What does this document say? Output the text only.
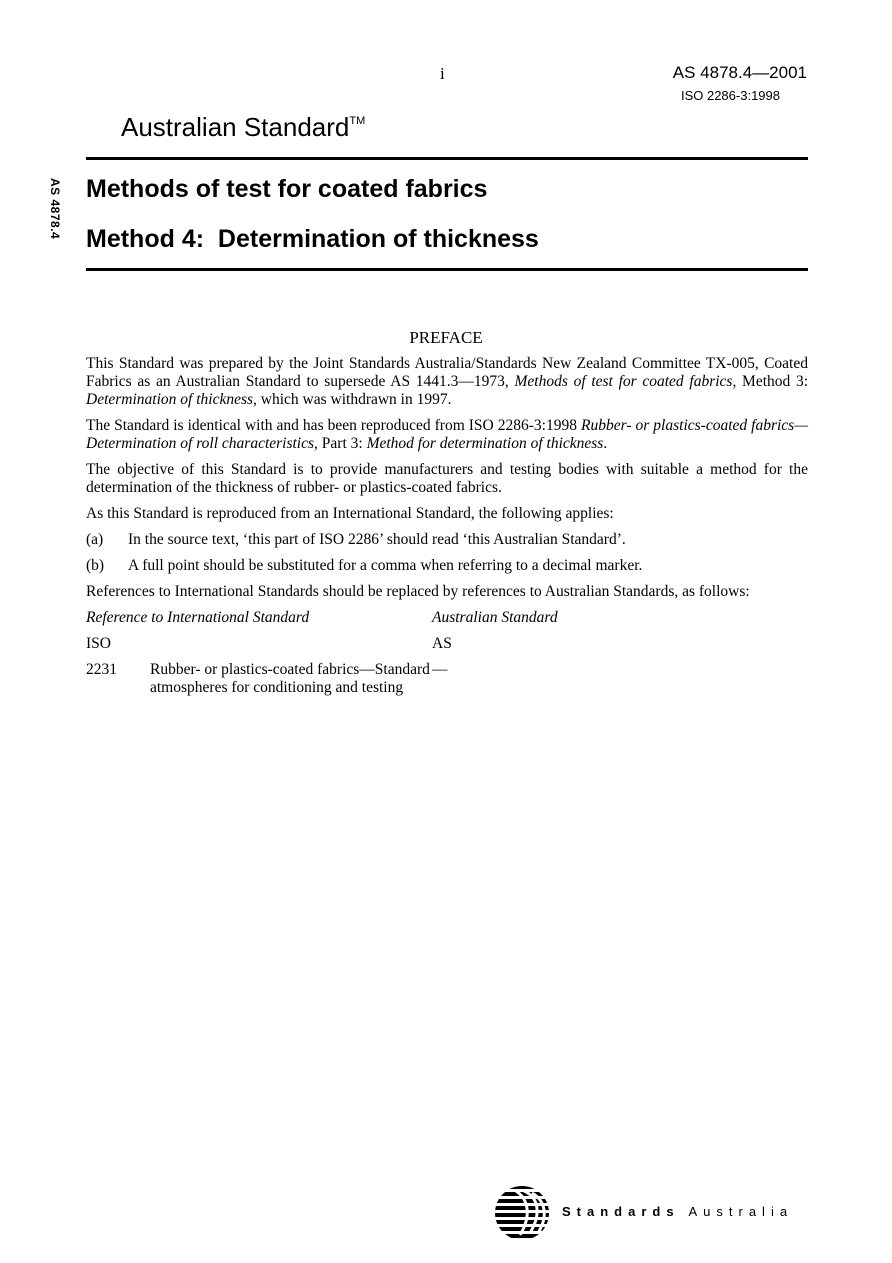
i	AS 4878.4—2001
ISO 2286-3:1998
Australian Standard™
AS 4878.4 Methods of test for coated fabrics
Method 4:  Determination of thickness
PREFACE

This Standard was prepared by the Joint Standards Australia/Standards New Zealand Committee TX-005, Coated Fabrics as an Australian Standard to supersede AS 1441.3—1973, Methods of test for coated fabrics, Method 3: Determination of thickness, which was withdrawn in 1997.

The Standard is identical with and has been reproduced from ISO 2286-3:1998 Rubber- or plastics-coated fabrics—Determination of roll characteristics, Part 3: Method for determination of thickness.

The objective of this Standard is to provide manufacturers and testing bodies with suitable a method for the determination of the thickness of rubber- or plastics-coated fabrics.

As this Standard is reproduced from an International Standard, the following applies:

(a)	In the source text, ‘this part of ISO 2286’ should read ‘this Australian Standard’.
(b)	A full point should be substituted for a comma when referring to a decimal marker.

References to International Standards should be replaced by references to Australian Standards, as follows:

Reference to International Standard		Australian Standard
ISO		AS
2231	Rubber- or plastics-coated fabrics—Standard atmospheres for conditioning and testing	—
Standards Australia
